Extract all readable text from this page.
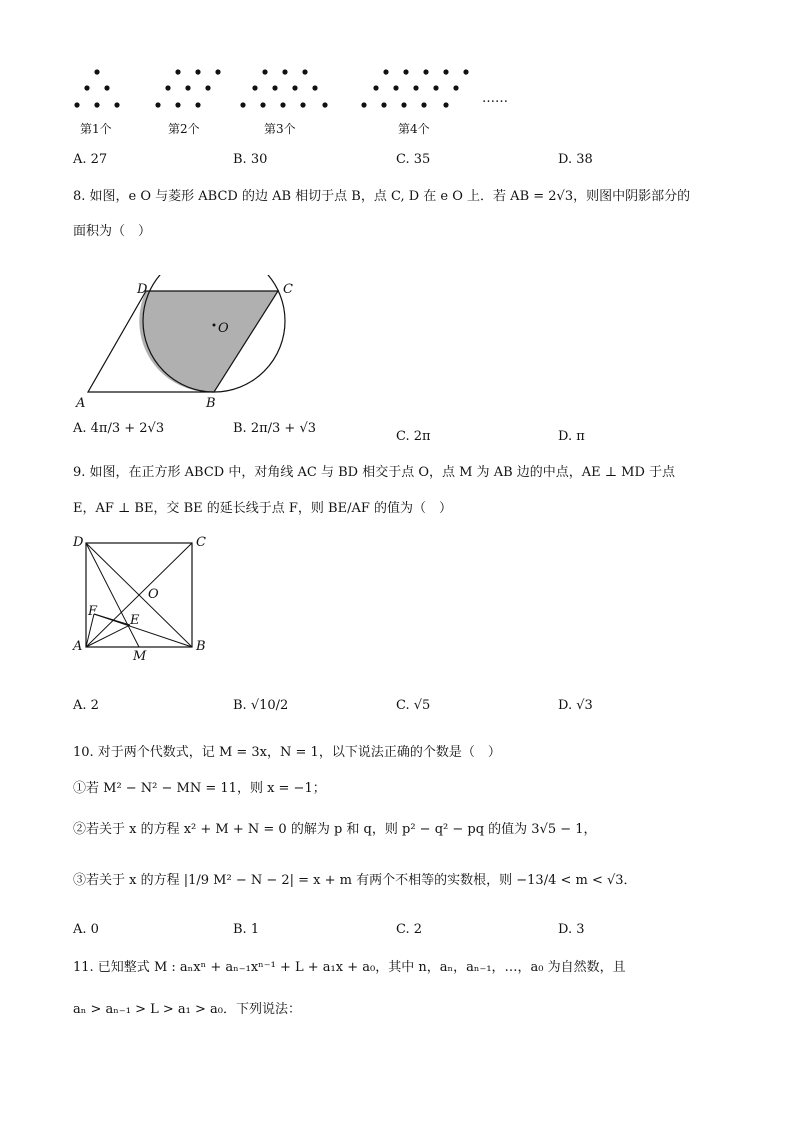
……
第1个	第2个	第3个	第4个
A. 27	B. 30	C. 35	D. 38
8. 如图，e O 与菱形 ABCD 的边 AB 相切于点 B，点 C, D 在 e O 上．若 AB = 2√3，则图中阴影部分的
面积为（　）
D	C
O
A	B
A. 4π/3 + 2√3	B. 2π/3 + √3
C. 2π	D. π
9. 如图，在正方形 ABCD 中，对角线 AC 与 BD 相交于点 O，点 M 为 AB 边的中点，AE ⊥ MD 于点
E，AF ⊥ BE，交 BE 的延长线于点 F，则 BE/AF 的值为（　）
D	C
O
F
E
A
M
B
A. 2	B. √10/2	C. √5	D. √3
10. 对于两个代数式，记 M = 3x，N = 1，以下说法正确的个数是（　）
①若 M² − N² − MN = 11，则 x = −1；
②若关于 x 的方程 x² + M + N = 0 的解为 p 和 q，则 p² − q² − pq 的值为 3√5 − 1，
③若关于 x 的方程 |1/9 M² − N − 2| = x + m 有两个不相等的实数根，则 −13/4 < m < √3．
A. 0	B. 1	C. 2	D. 3
11. 已知整式 M : aₙxⁿ + aₙ₋₁xⁿ⁻¹ + L + a₁x + a₀，其中 n，aₙ，aₙ₋₁，…，a₀ 为自然数，且
aₙ > aₙ₋₁ > L > a₁ > a₀．下列说法：
